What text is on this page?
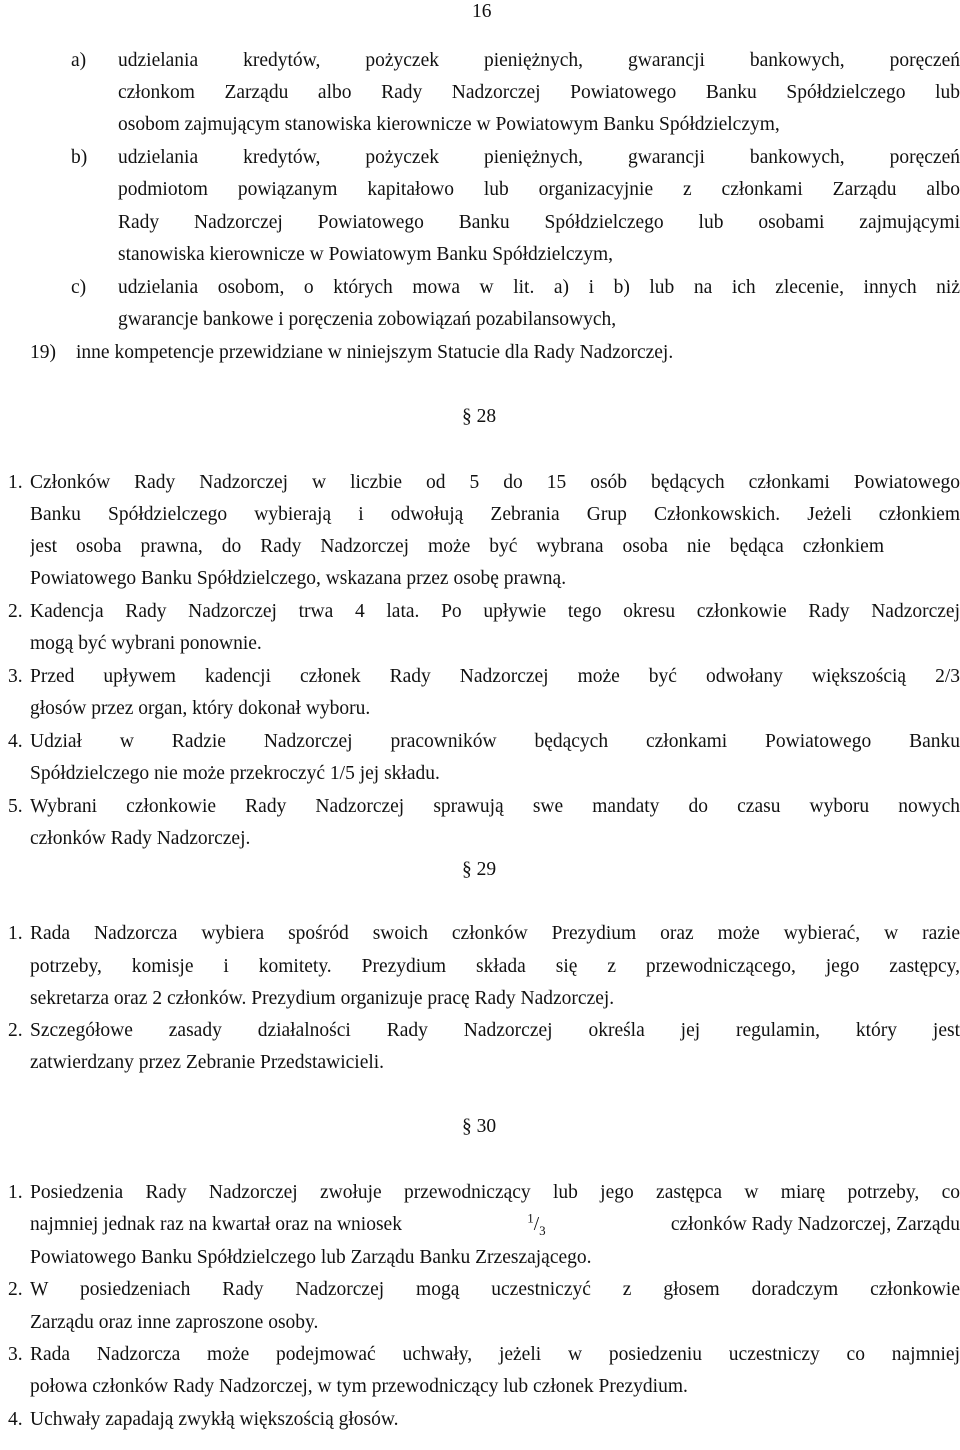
16
a) udzielania kredytów, pożyczek pieniężnych, gwarancji bankowych, poręczeń
członkom Zarządu albo Rady Nadzorczej Powiatowego Banku Spółdzielczego lub
osobom zajmującym stanowiska kierownicze w Powiatowym Banku Spółdzielczym,
b) udzielania kredytów, pożyczek pieniężnych, gwarancji bankowych, poręczeń
podmiotom powiązanym kapitałowo lub organizacyjnie z członkami Zarządu albo
Rady Nadzorczej Powiatowego Banku Spółdzielczego lub osobami zajmującymi
stanowiska kierownicze w Powiatowym Banku Spółdzielczym,
c) udzielania osobom, o których mowa w lit. a) i b) lub na ich zlecenie, innych niż
gwarancje bankowe i poręczenia zobowiązań pozabilansowych,
19) inne kompetencje przewidziane w niniejszym Statucie dla Rady Nadzorczej.
§ 28
1. Członków Rady Nadzorczej w liczbie od 5 do 15 osób będących członkami Powiatowego
Banku Spółdzielczego wybierają i odwołują Zebrania Grup Członkowskich. Jeżeli członkiem
jest osoba prawna, do Rady Nadzorczej może być wybrana osoba nie będąca członkiem
Powiatowego Banku Spółdzielczego, wskazana przez osobę prawną.
2. Kadencja Rady Nadzorczej trwa 4 lata. Po upływie tego okresu członkowie Rady Nadzorczej
mogą być wybrani ponownie.
3. Przed upływem kadencji członek Rady Nadzorczej może być odwołany większością 2/3
głosów przez organ, który dokonał wyboru.
4. Udział w Radzie Nadzorczej pracowników będących członkami Powiatowego Banku
Spółdzielczego nie może przekroczyć 1/5 jej składu.
5. Wybrani członkowie Rady Nadzorczej sprawują swe mandaty do czasu wyboru nowych
członków Rady Nadzorczej.
§ 29
1. Rada Nadzorcza wybiera spośród swoich członków Prezydium oraz może wybierać, w razie
potrzeby, komisje i komitety. Prezydium składa się z przewodniczącego, jego zastępcy,
sekretarza oraz 2 członków. Prezydium organizuje pracę Rady Nadzorczej.
2. Szczegółowe zasady działalności Rady Nadzorczej określa jej regulamin, który jest
zatwierdzany przez Zebranie Przedstawicieli.
§ 30
1. Posiedzenia Rady Nadzorczej zwołuje przewodniczący lub jego zastępca w miarę potrzeby, co
najmniej jednak raz na kwartał oraz na wniosek	$^1/_3$	członków Rady Nadzorczej, Zarządu
Powiatowego Banku Spółdzielczego lub Zarządu Banku Zrzeszającego.
2. W posiedzeniach Rady Nadzorczej mogą uczestniczyć z głosem doradczym członkowie
Zarządu oraz inne zaproszone osoby.
3. Rada Nadzorcza może podejmować uchwały, jeżeli w posiedzeniu uczestniczy co najmniej
połowa członków Rady Nadzorczej, w tym przewodniczący lub członek Prezydium.
4. Uchwały zapadają zwykłą większością głosów.
